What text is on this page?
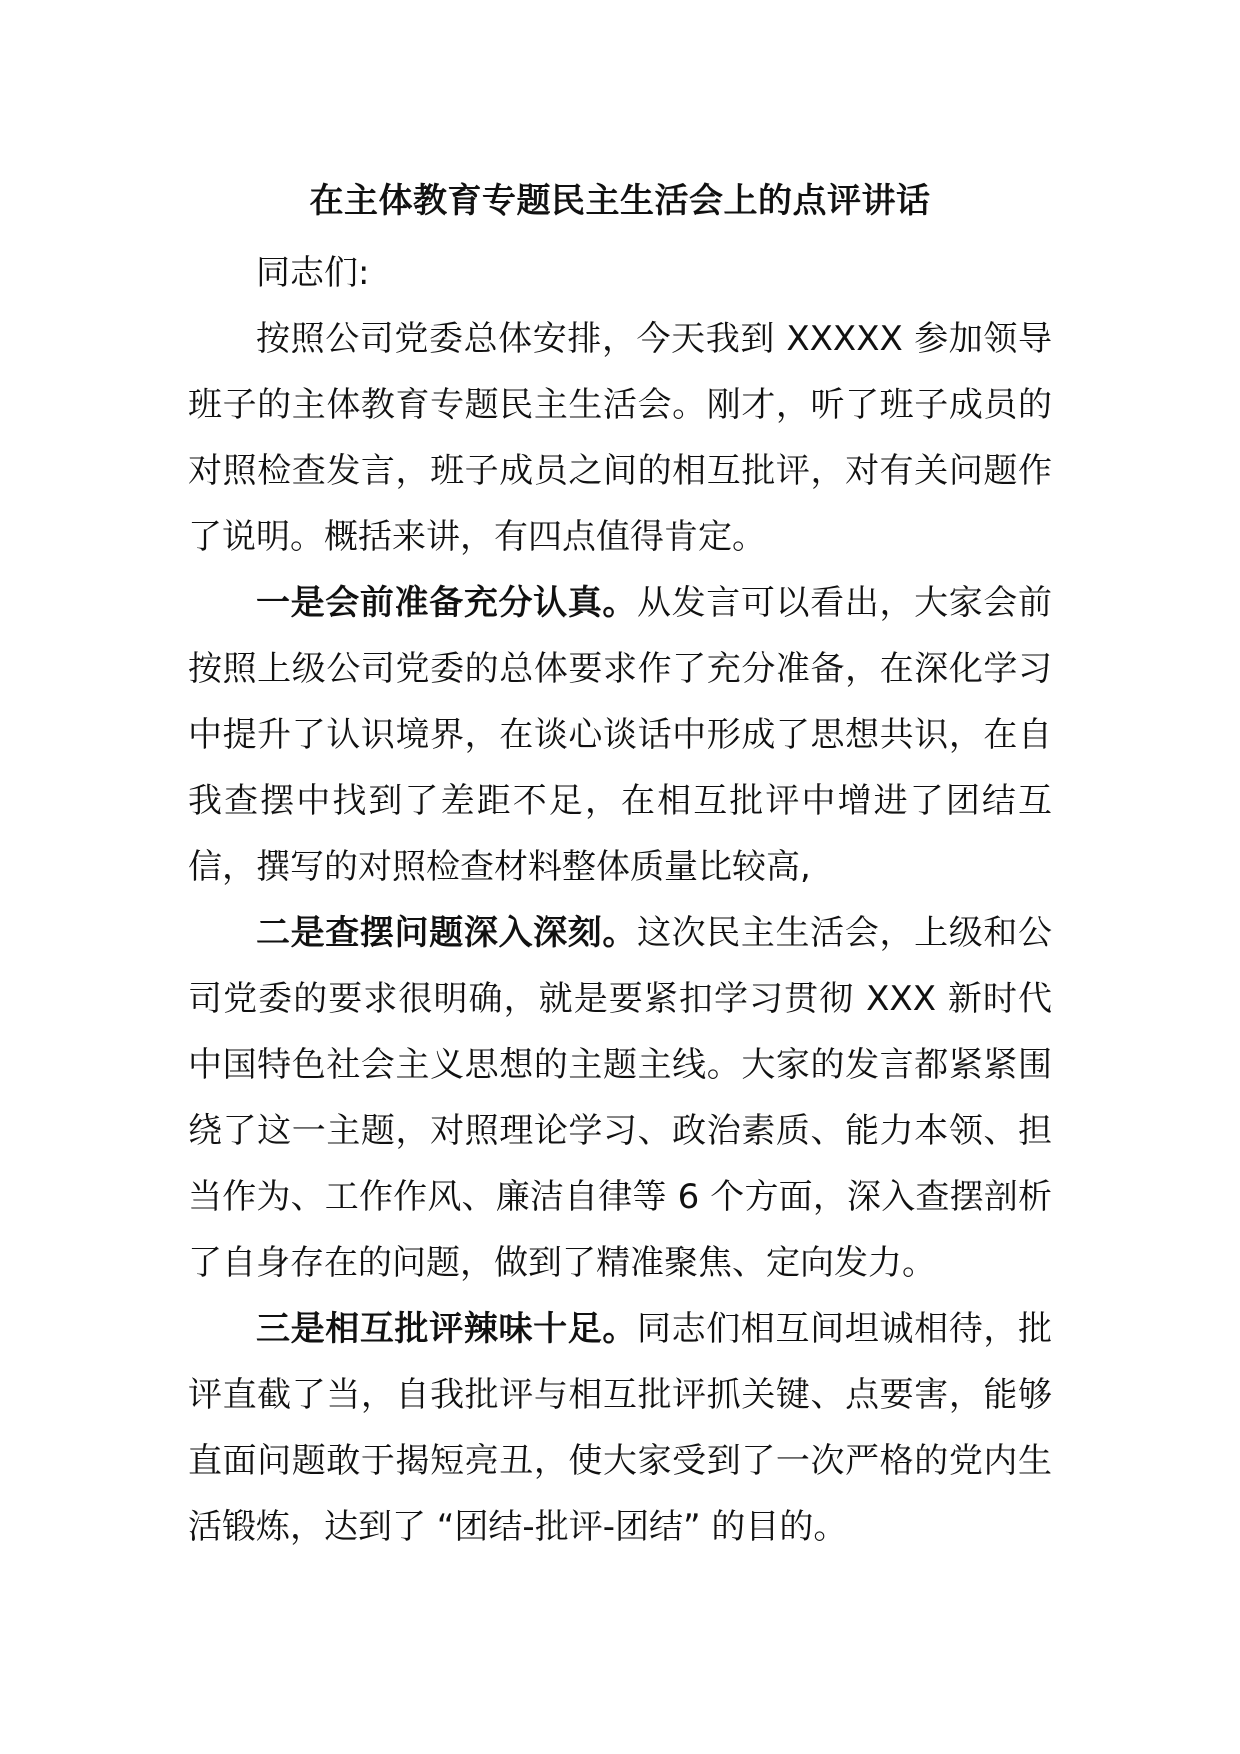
在主体教育专题民主生活会上的点评讲话

同志们:

按照公司党委总体安排，今天我到 XXXXX 参加领导班子的主体教育专题民主生活会。刚才，听了班子成员的对照检查发言，班子成员之间的相互批评，对有关问题作了说明。概括来讲，有四点值得肯定。

一是会前准备充分认真。从发言可以看出，大家会前按照上级公司党委的总体要求作了充分准备，在深化学习中提升了认识境界，在谈心谈话中形成了思想共识，在自我查摆中找到了差距不足，在相互批评中增进了团结互信，撰写的对照检查材料整体质量比较高,

二是查摆问题深入深刻。这次民主生活会，上级和公司党委的要求很明确，就是要紧扣学习贯彻 XXX 新时代中国特色社会主义思想的主题主线。大家的发言都紧紧围绕了这一主题，对照理论学习、政治素质、能力本领、担当作为、工作作风、廉洁自律等 6 个方面，深入查摆剖析了自身存在的问题，做到了精准聚焦、定向发力。

三是相互批评辣味十足。同志们相互间坦诚相待，批评直截了当，自我批评与相互批评抓关键、点要害，能够直面问题敢于揭短亮丑，使大家受到了一次严格的党内生活锻炼，达到了 “团结-批评-团结” 的目的。
